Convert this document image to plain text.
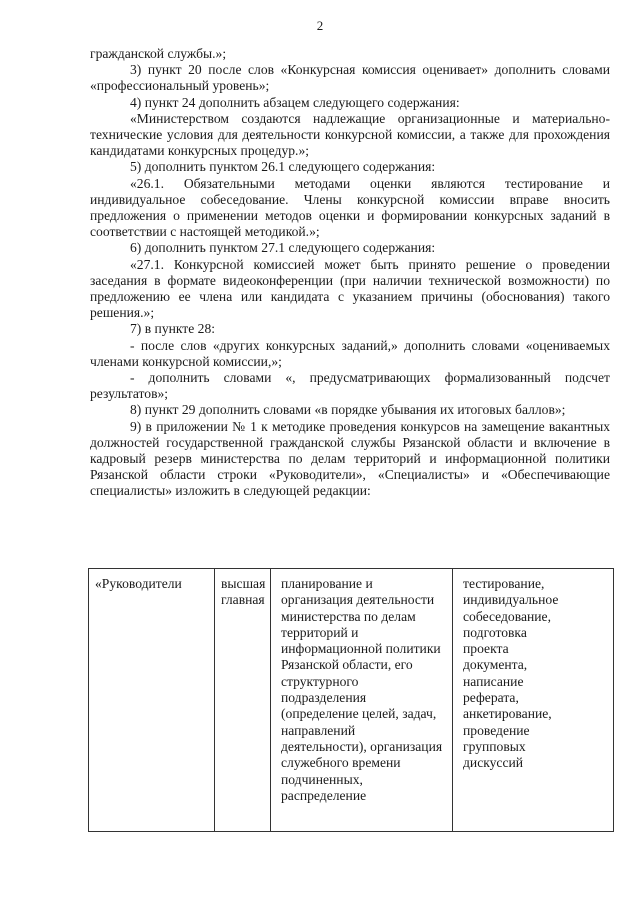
2

гражданской службы.»;

3) пункт 20 после слов «Конкурсная комиссия оценивает» дополнить словами «профессиональный уровень»;

4) пункт 24 дополнить абзацем следующего содержания:

«Министерством создаются надлежащие организационные и материально-технические условия для деятельности конкурсной комиссии, а также для прохождения кандидатами конкурсных процедур.»;

5) дополнить пунктом 26.1 следующего содержания:

«26.1. Обязательными методами оценки являются тестирование и индивидуальное собеседование. Члены конкурсной комиссии вправе вносить предложения о применении методов оценки и формировании конкурсных заданий в соответствии с настоящей методикой.»;

6) дополнить пунктом 27.1 следующего содержания:

«27.1. Конкурсной комиссией может быть принято решение о проведении заседания в формате видеоконференции (при наличии технической возможности) по предложению ее члена или кандидата с указанием причины (обоснования) такого решения.»;

7) в пункте 28:

- после слов «других конкурсных заданий,» дополнить словами «оцениваемых членами конкурсной комиссии,»;

- дополнить словами «, предусматривающих формализованный подсчет результатов»;

8) пункт 29 дополнить словами «в порядке убывания их итоговых баллов»;

9) в приложении № 1 к методике проведения конкурсов на замещение вакантных должностей государственной гражданской службы Рязанской области и включение в кадровый резерв министерства по делам территорий и информационной политики Рязанской области строки «Руководители», «Специалисты» и «Обеспечивающие специалисты» изложить в следующей редакции:

«Руководители	высшая
главная
планирование и
организация деятельности
министерства по делам
территорий и
информационной политики
Рязанской области, его
структурного
подразделения
(определение целей, задач,
направлений
деятельности), организация
служебного времени
подчиненных,
распределение
тестирование,
индивидуальное
собеседование,
подготовка
проекта
документа,
написание
реферата,
анкетирование,
проведение
групповых
дискуссий
